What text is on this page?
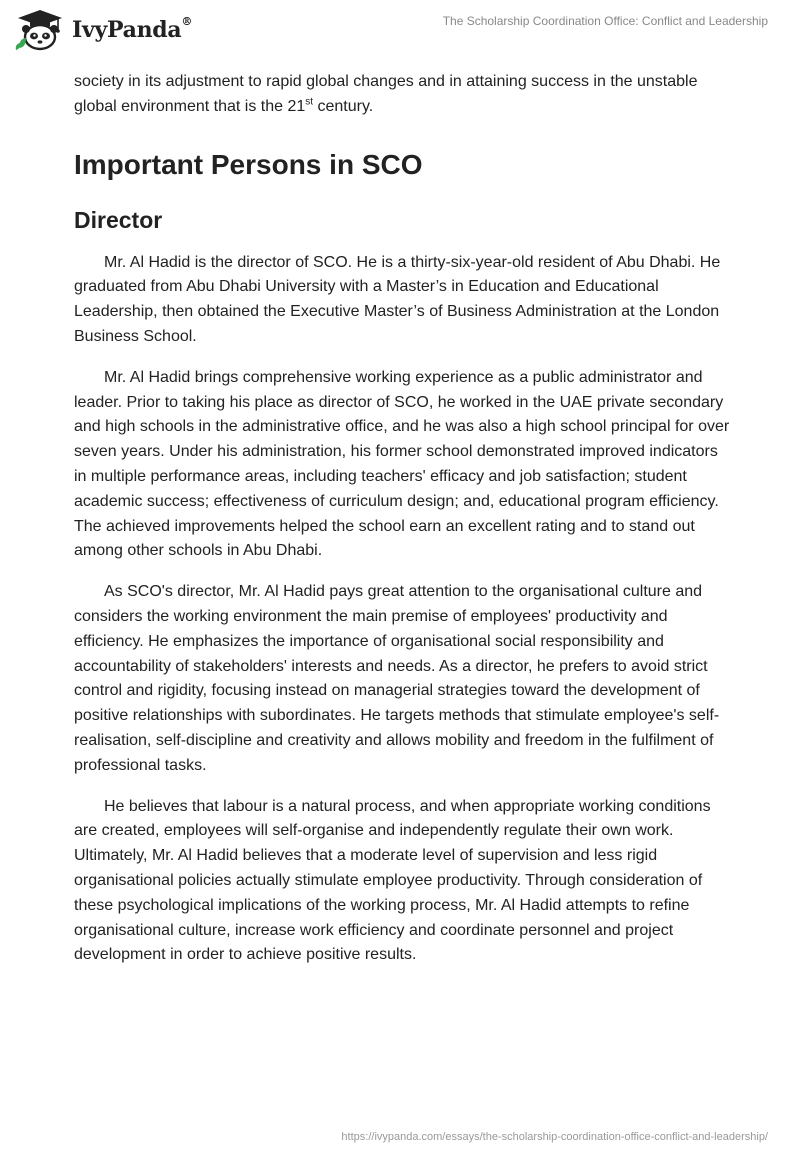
IvyPanda®	The Scholarship Coordination Office: Conflict and Leadership

society in its adjustment to rapid global changes and in attaining success in the unstable global environment that is the 21st century.

Important Persons in SCO
Director

Mr. Al Hadid is the director of SCO. He is a thirty-six-year-old resident of Abu Dhabi. He graduated from Abu Dhabi University with a Master’s in Education and Educational Leadership, then obtained the Executive Master’s of Business Administration at the London Business School.

Mr. Al Hadid brings comprehensive working experience as a public administrator and leader. Prior to taking his place as director of SCO, he worked in the UAE private secondary and high schools in the administrative office, and he was also a high school principal for over seven years. Under his administration, his former school demonstrated improved indicators in multiple performance areas, including teachers' efficacy and job satisfaction; student academic success; effectiveness of curriculum design; and, educational program efficiency. The achieved improvements helped the school earn an excellent rating and to stand out among other schools in Abu Dhabi.

As SCO's director, Mr. Al Hadid pays great attention to the organisational culture and considers the working environment the main premise of employees' productivity and efficiency. He emphasizes the importance of organisational social responsibility and accountability of stakeholders' interests and needs. As a director, he prefers to avoid strict control and rigidity, focusing instead on managerial strategies toward the development of positive relationships with subordinates. He targets methods that stimulate employee's self-realisation, self-discipline and creativity and allows mobility and freedom in the fulfilment of professional tasks.

He believes that labour is a natural process, and when appropriate working conditions are created, employees will self-organise and independently regulate their own work. Ultimately, Mr. Al Hadid believes that a moderate level of supervision and less rigid organisational policies actually stimulate employee productivity. Through consideration of these psychological implications of the working process, Mr. Al Hadid attempts to refine organisational culture, increase work efficiency and coordinate personnel and project development in order to achieve positive results.

https://ivypanda.com/essays/the-scholarship-coordination-office-conflict-and-leadership/
